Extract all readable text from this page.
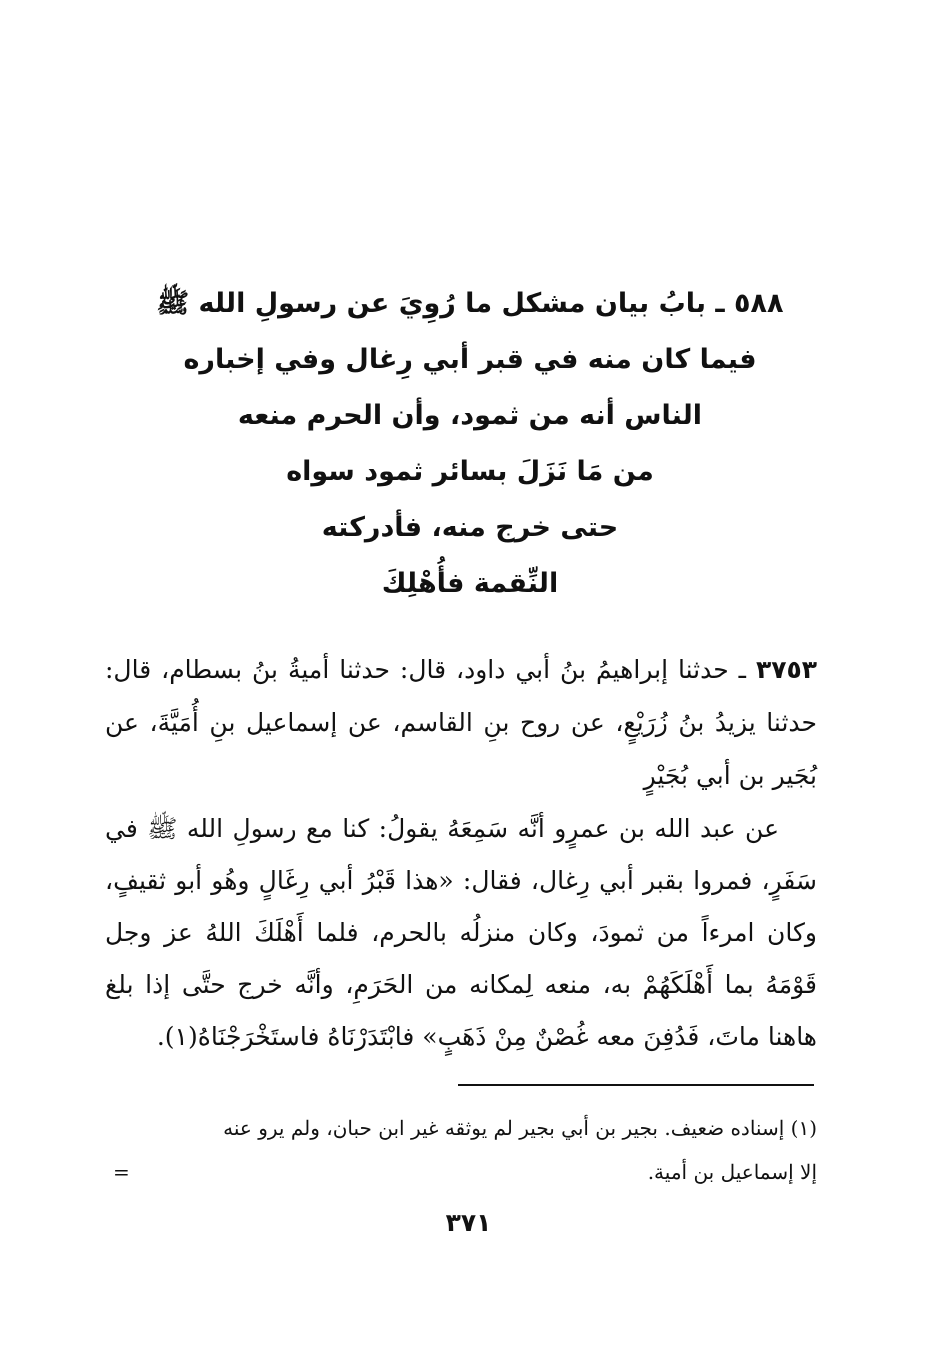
٥٨٨ ـ بابُ بيان مشكل ما رُوِيَ عن رسولِ الله ﷺ
فيما كان منه في قبر أبي رِغال وفي إخباره
الناس أنه من ثمود، وأن الحرم منعه
من مَا نَزَلَ بسائر ثمود سواه
حتى خرج منه، فأدركته
النِّقمة فأُهْلِكَ

٣٧٥٣ ـ حدثنا إبراهيمُ بنُ أبي داود، قال: حدثنا أميةُ بنُ بسطام، قال: حدثنا يزيدُ بنُ زُرَيْعٍ، عن روح بنِ القاسم، عن إسماعيل بنِ أُمَيَّةَ، عن بُجَير بن أبي بُجَيْرٍ

عن عبد الله بن عمرٍو أنَّه سَمِعَهُ يقولُ: كنا مع رسولِ الله ﷺ في سَفَرٍ، فمروا بقبر أبي رِغال، فقال: «هذا قَبْرُ أبي رِغَالٍ وهُو أبو ثقيفٍ، وكان امرءاً من ثمودَ، وكان منزلُه بالحرم، فلما أَهْلَكَ اللهُ عز وجل قَوْمَهُ بما أَهْلَكَهُمْ به، منعه لِمكانه من الحَرَمِ، وأنَّه خرج حتَّى إذا بلغ هاهنا ماتَ، فَدُفِنَ معه غُصْنٌ مِنْ ذَهَبٍ» فابْتَدَرْنَاهُ فاستَخْرَجْنَاهُ(١).

(١) إسناده ضعيف. بجير بن أبي بجير لم يوثقه غير ابن حبان، ولم يرو عنه
إلا إسماعيل بن أمية.
=
٣٧١
